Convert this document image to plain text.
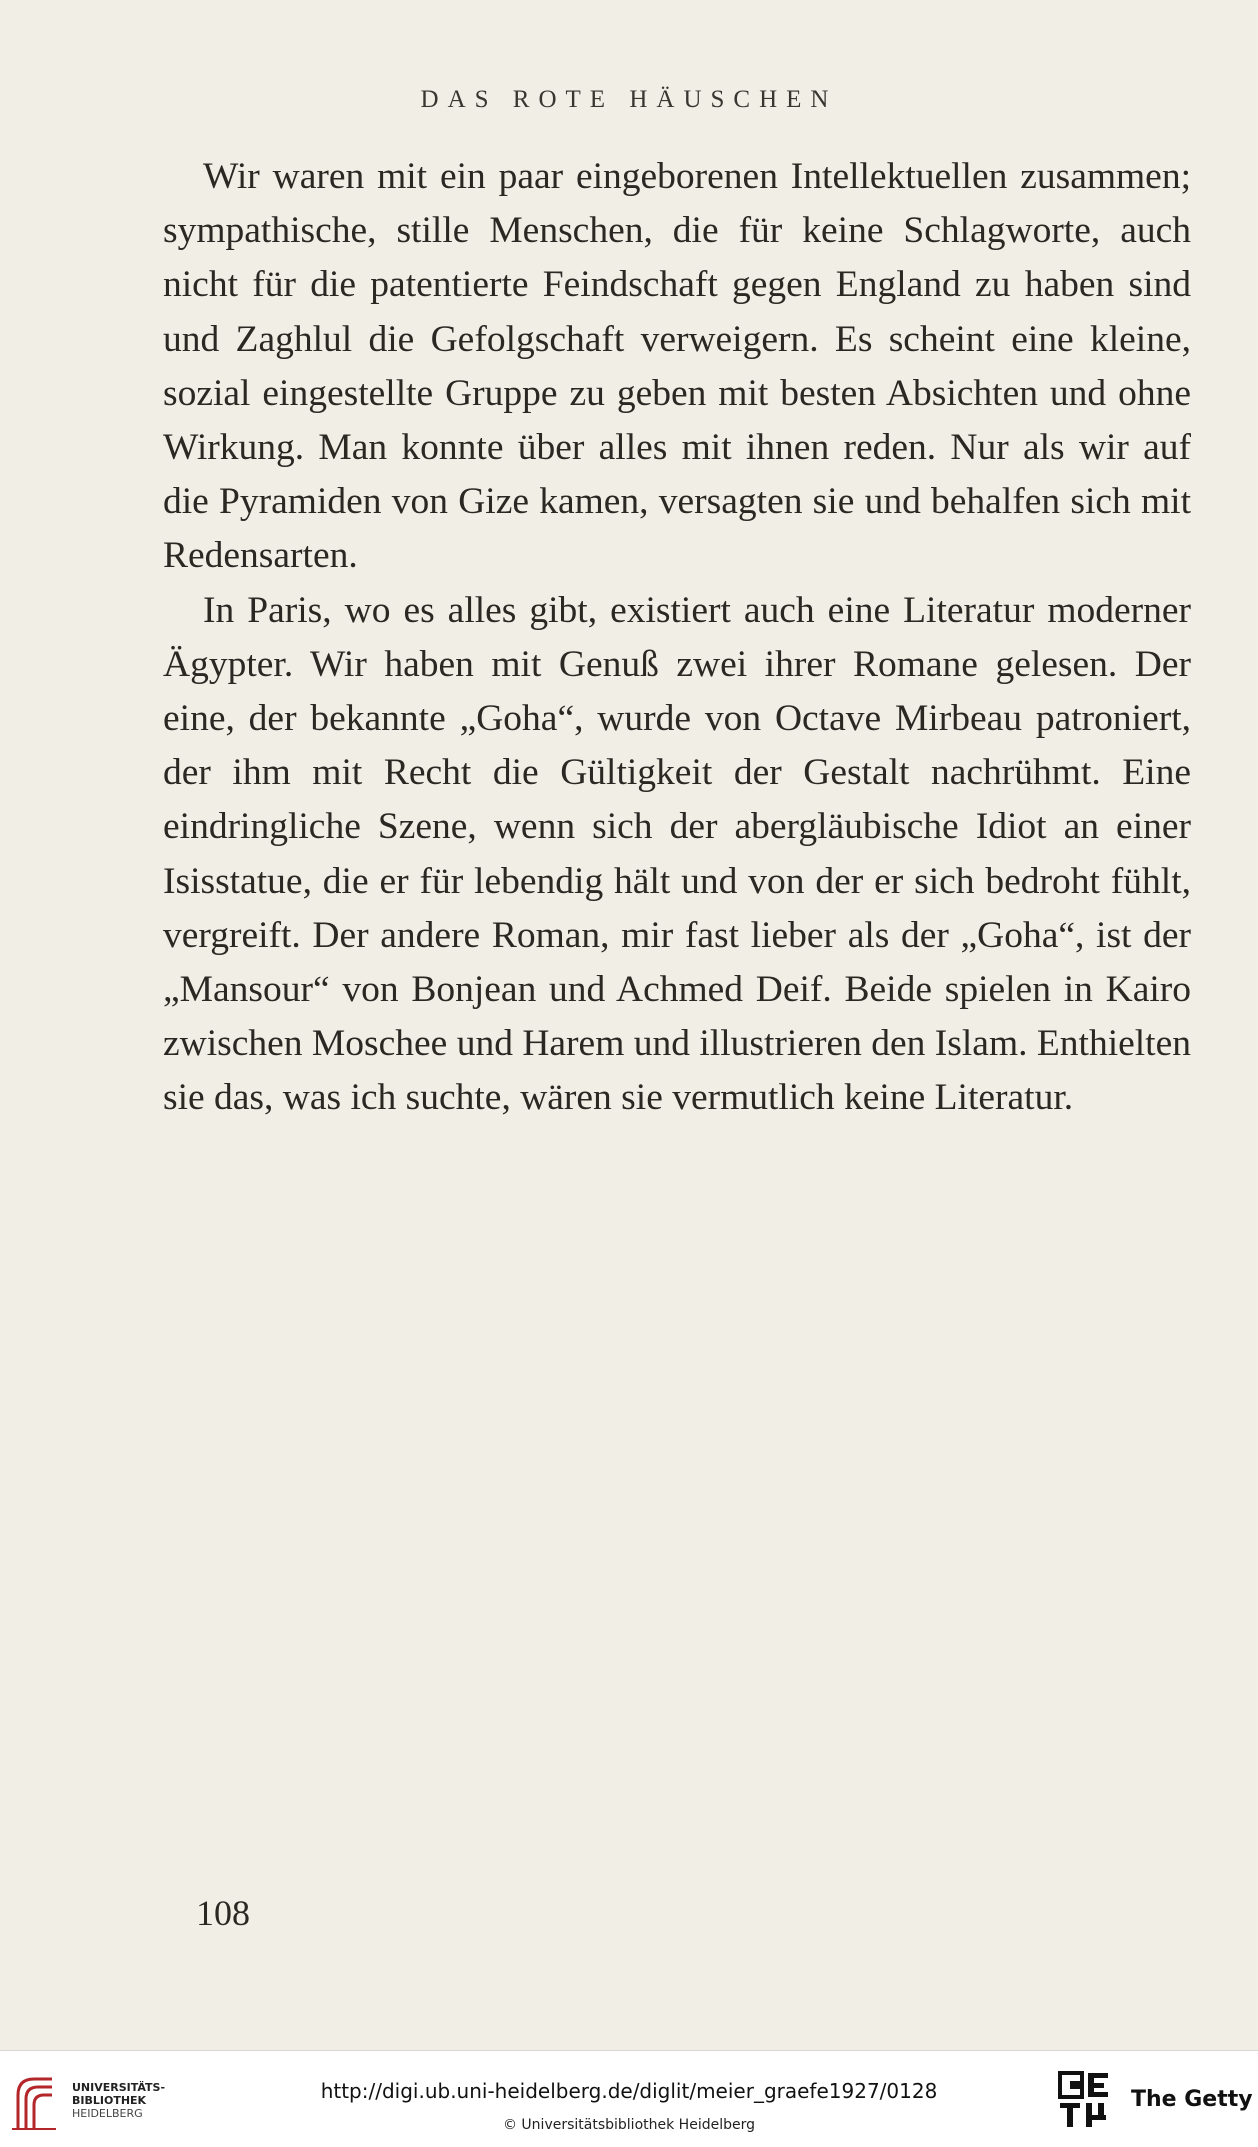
DAS ROTE HÄUSCHEN

Wir waren mit ein paar eingeborenen Intellektuellen zusammen; sympathische, stille Menschen, die für keine Schlagworte, auch nicht für die patentierte Feindschaft gegen England zu haben sind und Zaghlul die Gefolgschaft verweigern. Es scheint eine kleine, sozial eingestellte Gruppe zu geben mit besten Absichten und ohne Wirkung. Man konnte über alles mit ihnen reden. Nur als wir auf die Pyramiden von Gize kamen, versagten sie und behalfen sich mit Redensarten.

In Paris, wo es alles gibt, existiert auch eine Literatur moderner Ägypter. Wir haben mit Genuß zwei ihrer Romane gelesen. Der eine, der bekannte „Goha“, wurde von Octave Mirbeau patroniert, der ihm mit Recht die Gültigkeit der Gestalt nachrühmt. Eine eindringliche Szene, wenn sich der abergläubische Idiot an einer Isisstatue, die er für lebendig hält und von der er sich bedroht fühlt, vergreift. Der andere Roman, mir fast lieber als der „Goha“, ist der „Mansour“ von Bonjean und Achmed Deif. Beide spielen in Kairo zwischen Moschee und Harem und illustrieren den Islam. Enthielten sie das, was ich suchte, wären sie vermutlich keine Literatur.

108
UNIVERSITÄTS-
BIBLIOTHEK
HEIDELBERG
http://digi.ub.uni-heidelberg.de/diglit/meier_graefe1927/0128
© Universitätsbibliothek Heidelberg
The Getty
